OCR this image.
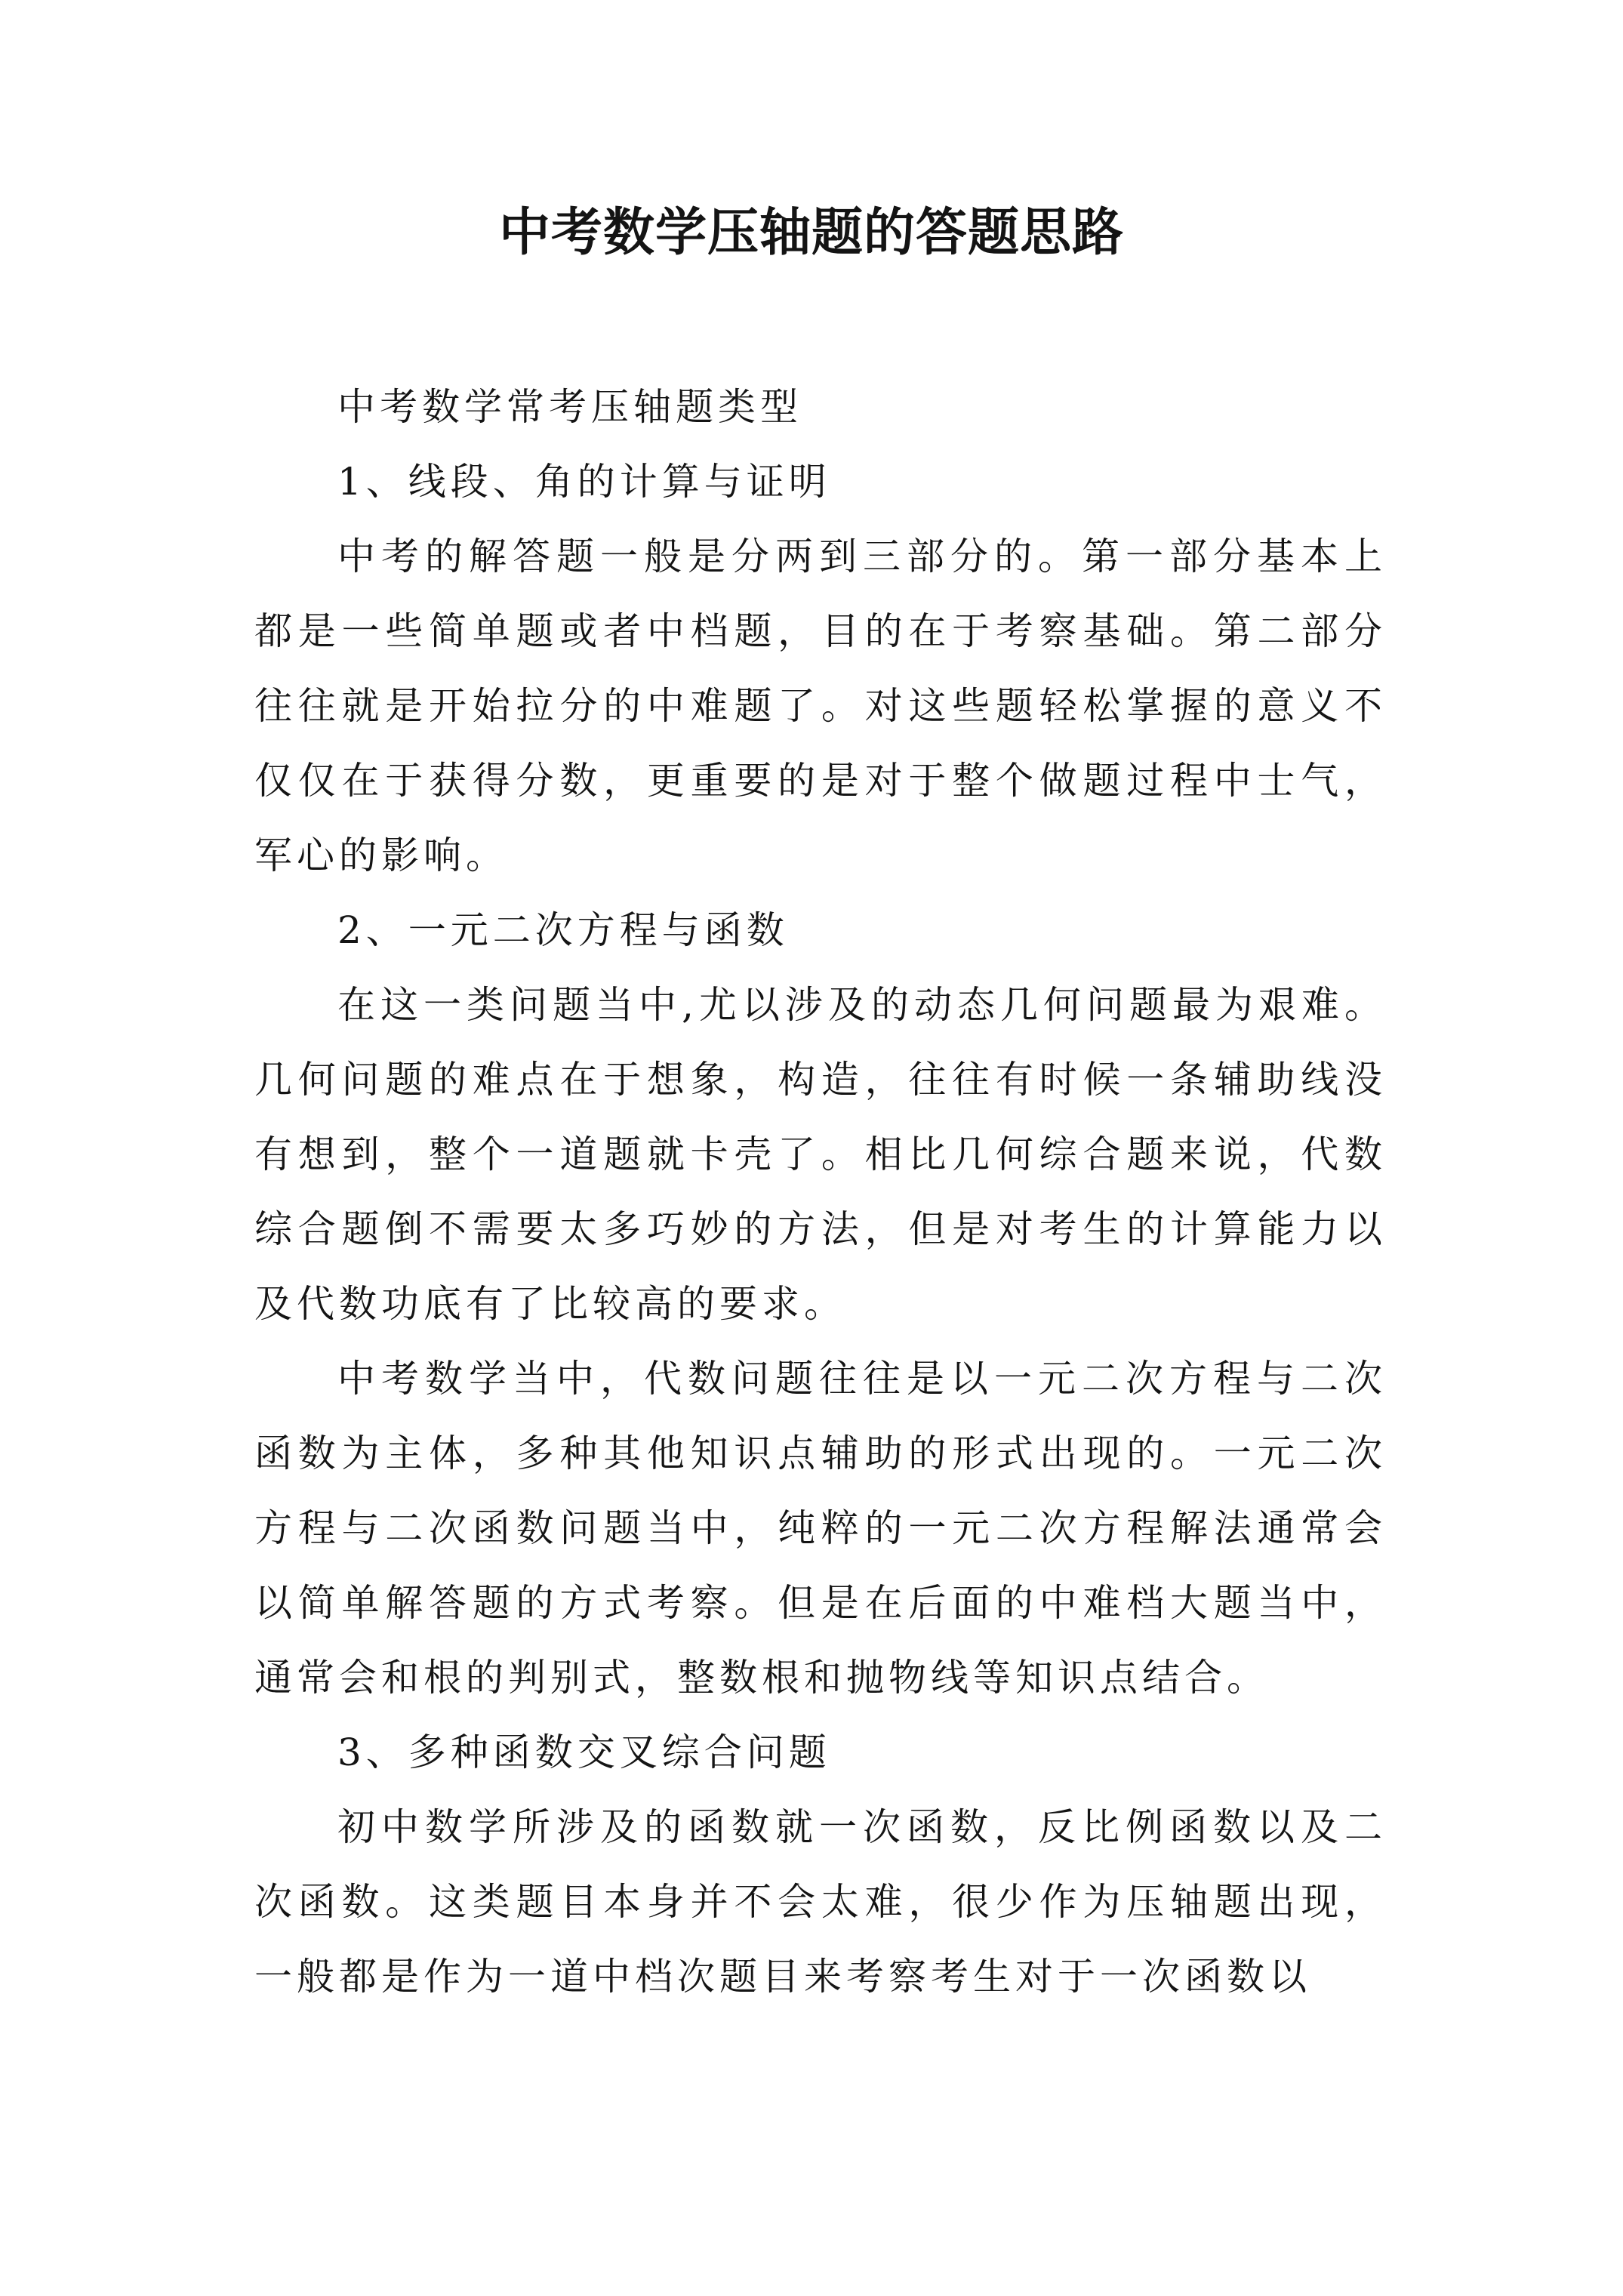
中考数学压轴题的答题思路

中考数学常考压轴题类型

1、线段、角的计算与证明

中考的解答题一般是分两到三部分的。第一部分基本上都是一些简单题或者中档题，目的在于考察基础。第二部分往往就是开始拉分的中难题了。对这些题轻松掌握的意义不仅仅在于获得分数，更重要的是对于整个做题过程中士气，军心的影响。

2、一元二次方程与函数

在这一类问题当中,尤以涉及的动态几何问题最为艰难。几何问题的难点在于想象，构造，往往有时候一条辅助线没有想到，整个一道题就卡壳了。相比几何综合题来说，代数综合题倒不需要太多巧妙的方法，但是对考生的计算能力以及代数功底有了比较高的要求。

中考数学当中，代数问题往往是以一元二次方程与二次函数为主体，多种其他知识点辅助的形式出现的。一元二次方程与二次函数问题当中，纯粹的一元二次方程解法通常会以简单解答题的方式考察。但是在后面的中难档大题当中，通常会和根的判别式，整数根和抛物线等知识点结合。

3、多种函数交叉综合问题

初中数学所涉及的函数就一次函数，反比例函数以及二次函数。这类题目本身并不会太难，很少作为压轴题出现，一般都是作为一道中档次题目来考察考生对于一次函数以
